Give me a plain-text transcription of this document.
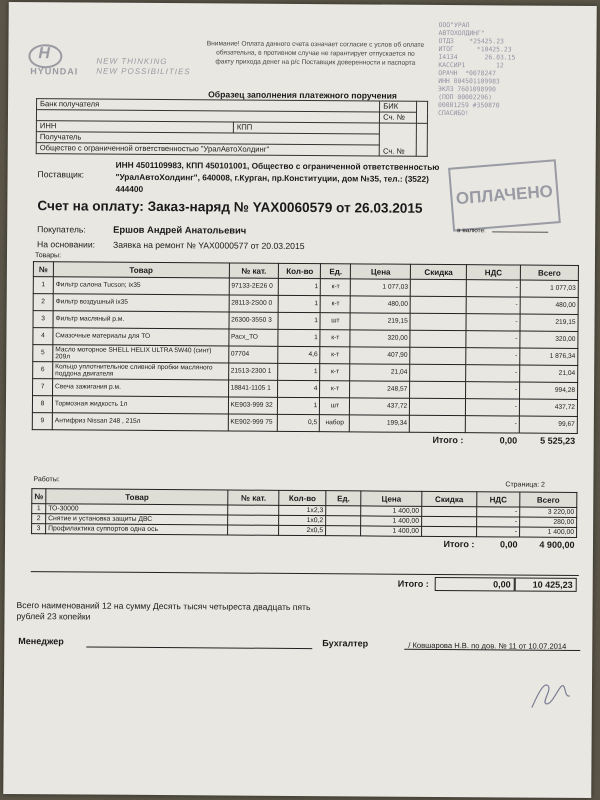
H
HYUNDAI
NEW THINKING
NEW POSSIBILITIES
Внимание! Оплата данного счета означает согласие с услов об оплате обязательна, в противном случае не гарантирует отпускается по факту прихода денег на р/с Поставщик доверенности и паспорта
ООО"УРАЛ
АВТОХОЛДИНГ"
ОТД3    *25425.23
ИТОГ      *10425.23
I4134       26.03.15
КАССИР1        12
ОРАЧН  *0078247
ИНН 004501109983
ЭКЛЗ 7601098990
(ПОП 00002296)
00001259 #350870
СПАСИБО!
ОПЛАЧЕНО
в валюте:
Образец заполнения платежного поручения
Банк получателя		БИК	
		Сч. №	
ИНН	КПП	Сч. №	
Получатель			
Общество с ограниченной ответственностью "УралАвтоХолдинг"			
Поставщик:
ИНН 4501109983, КПП 450101001, Общество с ограниченной ответственностью "УралАвтоХолдинг", 640008, г.Курган, пр.Конституции, дом №35, тел.: (3522) 444400
Счет на оплату: Заказ-наряд № YAX0060579 от 26.03.2015
Покупатель:	Ершов Андрей Анатольевич
На основании: Заявка на ремонт № YAX0000577 от 20.03.2015
Товары:
№	Товар	№ кат.	Кол-во	Ед.	Цена	Скидка	НДС	Всего
1	Фильтр салона Tucson; ix35	97133-2E26 0	1	к-т	1 077,03		-	1 077,03
2	Фильтр воздушный ix35	28113-2S00 0	1	к-т	480,00		-	480,00
3	Фильтр масляный р.м.	26300-3550 3	1	шт	219,15		-	219,15
4	Смазочные материалы для ТО	Расх_ТО	1	к-т	320,00		-	320,00
5	Масло моторное SHELL HELIX ULTRA 5W40 (синт) 209л	07704	4,6	к-т	407,90		-	1 876,34
6	Кольцо уплотнительное сливной пробки масляного поддона двигателя	21513-2300 1	1	к-т	21,04		-	21,04
7	Свеча зажигания р.м.	18841-1105 1	4	к-т	248,57		-	994,28
8	Тормозная жидкость 1л	KE903-999 32	1	шт	437,72		-	437,72
9	Антифриз Nissan 248 , 215л	KE902-999 75	0,5	набор	199,34		-	99,67
						Итого :	0,00	5 525,23
Работы:
Страница: 2
№	Товар	№ кат.	Кол-во	Ед.	Цена	Скидка	НДС	Всего
1	ТО-30000		1х2,3		1 400,00		-	3 220,00
2	Снятие и установка защиты ДВС		1х0,2		1 400,00		-	280,00
3	Профилактика суппортов одна ось		2х0,5		1 400,00		-	1 400,00
						Итого :	0,00	4 900,00
Итого :	0,00	10 425,23
Всего наименований 12 на сумму Десять тысяч четыреста двадцать пять рублей 23 копейки
Менеджер	Бухгалтер	/ Ковшарова Н.В. по дов. № 11 от 10.07.2014
